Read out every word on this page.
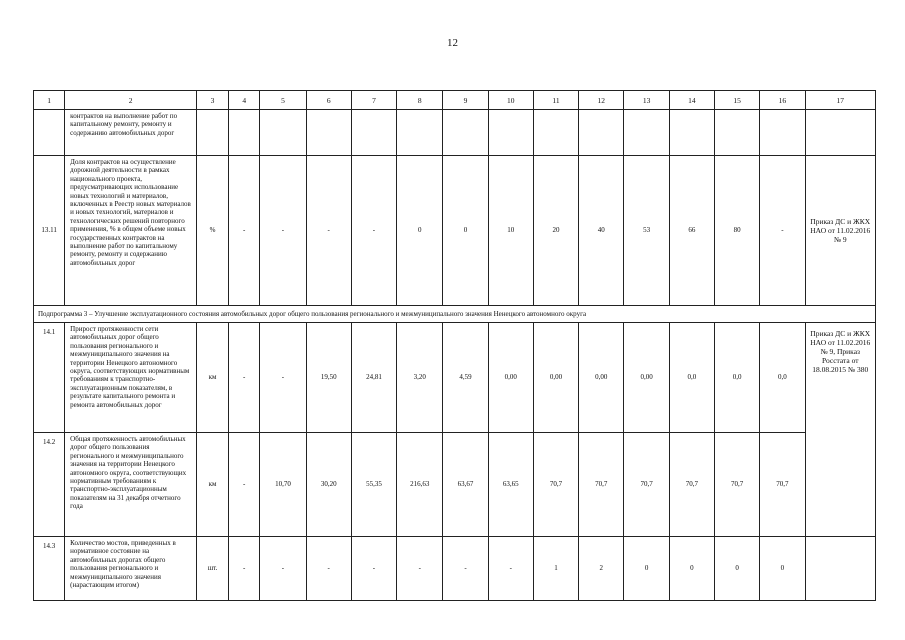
12
1	2	3	4	5	6	7	8	9	10	11	12	13	14	15	16	17
	контрактов на выполнение работ по капитальному ремонту, ремонту и содержанию автомобильных дорог															
13.11	Доля контрактов на осуществление дорожной деятельности в рамках национального проекта, предусматривающих использование новых технологий и материалов, включенных в Реестр новых материалов и новых технологий, материалов и технологических решений повторного применения, % в общем объеме новых государственных контрактов на выполнение работ по капитальному ремонту, ремонту и содержанию автомобильных дорог	%	-	-	-	-	0	0	10	20	40	53	66	80	-	Приказ ДС и ЖКХ НАО от 11.02.2016 № 9
Подпрограмма 3 – Улучшение эксплуатационного состояния автомобильных дорог общего пользования регионального и межмуниципального значения Ненецкого автономного округа																
14.1	Прирост протяженности сети автомобильных дорог общего пользования регионального и межмуниципального значения на территории Ненецкого автономного округа, соответствующих нормативным требованиям к транспортно-эксплуатационным показателям, в результате капитального ремонта и ремонта автомобильных дорог	км	-	-	19,50	24,81	3,20	4,59	0,00	0,00	0,00	0,00	0,0	0,0	0,0	Приказ ДС и ЖКХ НАО от 11.02.2016 № 9, Приказ Росстата от 18.08.2015 № 380
14.2	Общая протяженность автомобильных дорог общего пользования регионального и межмуниципального значения на территории Ненецкого автономного округа, соответствующих нормативным требованиям к транспортно-эксплуатационным показателям на 31 декабря отчетного года	км	-	10,70	30,20	55,35	216,63	63,67	63,65	70,7	70,7	70,7	70,7	70,7	70,7	
14.3	Количество мостов, приведенных в нормативное состояние на автомобильных дорогах общего пользования регионального и межмуниципального значения (нарастающим итогом)	шт.	-	-	-	-	-	-	-	1	2	0	0	0	0	
